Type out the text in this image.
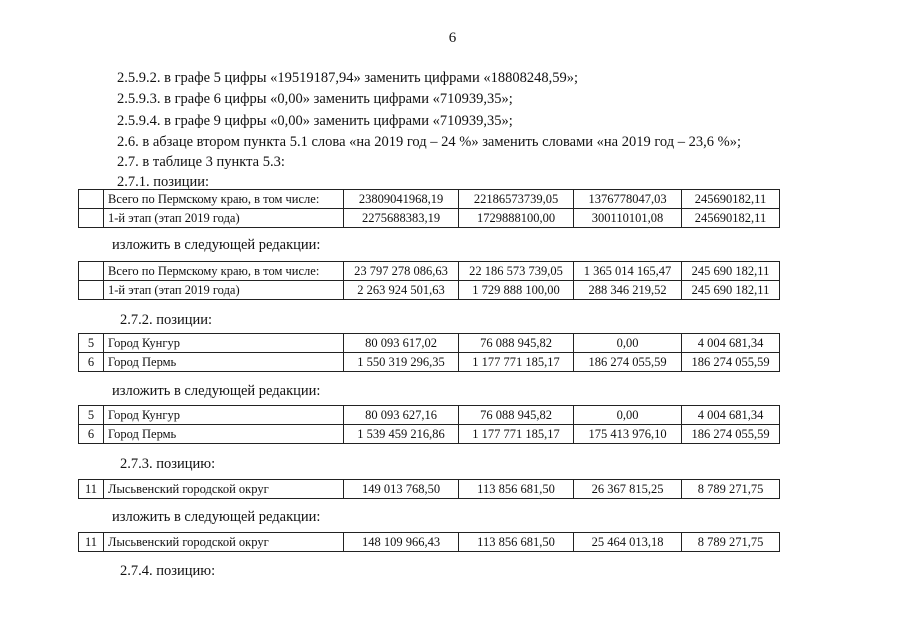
6
2.5.9.2. в графе 5 цифры «19519187,94» заменить цифрами «18808248,59»;
2.5.9.3. в графе 6 цифры «0,00» заменить цифрами «710939,35»;
2.5.9.4. в графе 9 цифры «0,00» заменить цифрами «710939,35»;
2.6. в абзаце втором пункта 5.1 слова «на 2019 год – 24 %» заменить словами «на 2019 год – 23,6 %»;
2.7. в таблице 3 пункта 5.3:
2.7.1. позиции:
	Всего по Пермскому краю, в том числе:	23809041968,19	22186573739,05	1376778047,03	245690182,11
	1-й этап (этап 2019 года)	2275688383,19	1729888100,00	300110101,08	245690182,11
изложить в следующей редакции:
	Всего по Пермскому краю, в том числе:	23 797 278 086,63	22 186 573 739,05	1 365 014 165,47	245 690 182,11
	1-й этап (этап 2019 года)	2 263 924 501,63	1 729 888 100,00	288 346 219,52	245 690 182,11
2.7.2. позиции:
5	Город Кунгур	80 093 617,02	76 088 945,82	0,00	4 004 681,34
6	Город Пермь	1 550 319 296,35	1 177 771 185,17	186 274 055,59	186 274 055,59
изложить в следующей редакции:
5	Город Кунгур	80 093 627,16	76 088 945,82	0,00	4 004 681,34
6	Город Пермь	1 539 459 216,86	1 177 771 185,17	175 413 976,10	186 274 055,59
2.7.3. позицию:
11	Лысьвенский городской округ	149 013 768,50	113 856 681,50	26 367 815,25	8 789 271,75
изложить в следующей редакции:
11	Лысьвенский городской округ	148 109 966,43	113 856 681,50	25 464 013,18	8 789 271,75
2.7.4. позицию:
